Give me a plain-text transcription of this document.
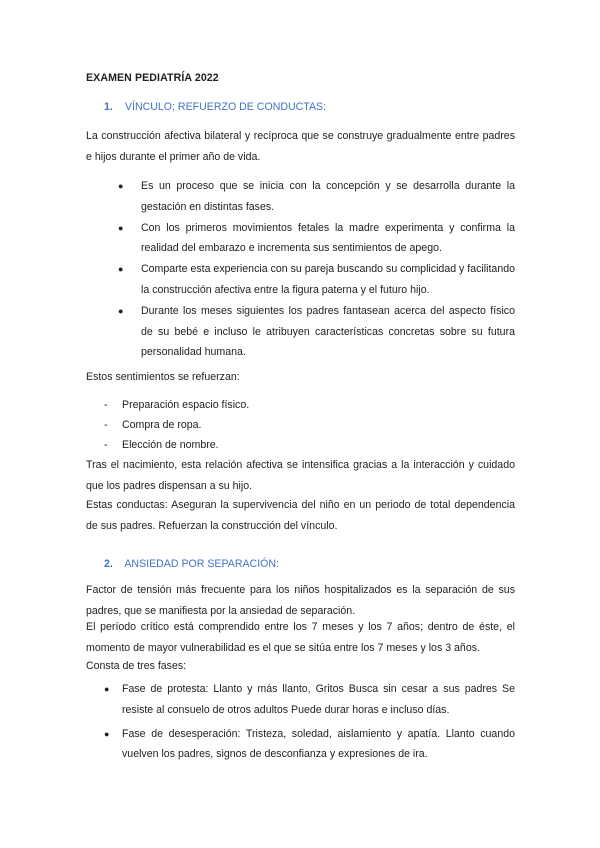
EXAMEN PEDIATRÍA 2022
1. VÍNCULO; REFUERZO DE CONDUCTAS:
La construcción afectiva bilateral y recíproca que se construye gradualmente entre padres e hijos durante el primer año de vida.
● Es un proceso que se inicia con la concepción y se desarrolla durante la gestación en distintas fases.
● Con los primeros movimientos fetales la madre experimenta y confirma la realidad del embarazo e incrementa sus sentimientos de apego.
● Comparte esta experiencia con su pareja buscando su complicidad y facilitando la construcción afectiva entre la figura paterna y el futuro hijo.
● Durante los meses siguientes los padres fantasean acerca del aspecto físico de su bebé e incluso le atribuyen características concretas sobre su futura personalidad humana.
Estos sentimientos se refuerzan:
- Preparación espacio físico.
- Compra de ropa.
- Elección de nombre.
Tras el nacimiento, esta relación afectiva se intensifica gracias a la interacción y cuidado que los padres dispensan a su hijo.
Estas conductas: Aseguran la supervivencia del niño en un periodo de total dependencia de sus padres. Refuerzan la construcción del vínculo.
2. ANSIEDAD POR SEPARACIÓN:
Factor de tensión más frecuente para los niños hospitalizados es la separación de sus padres, que se manifiesta por la ansiedad de separación.
El período crítico está comprendido entre los 7 meses y los 7 años; dentro de éste, el momento de mayor vulnerabilidad es el que se sitúa entre los 7 meses y los 3 años.
Consta de tres fases:
● Fase de protesta: Llanto y más llanto, Gritos Busca sin cesar a sus padres Se resiste al consuelo de otros adultos Puede durar horas e incluso días.
● Fase de desesperación: Tristeza, soledad, aislamiento y apatía. Llanto cuando vuelven los padres, signos de desconfianza y expresiones de ira.
